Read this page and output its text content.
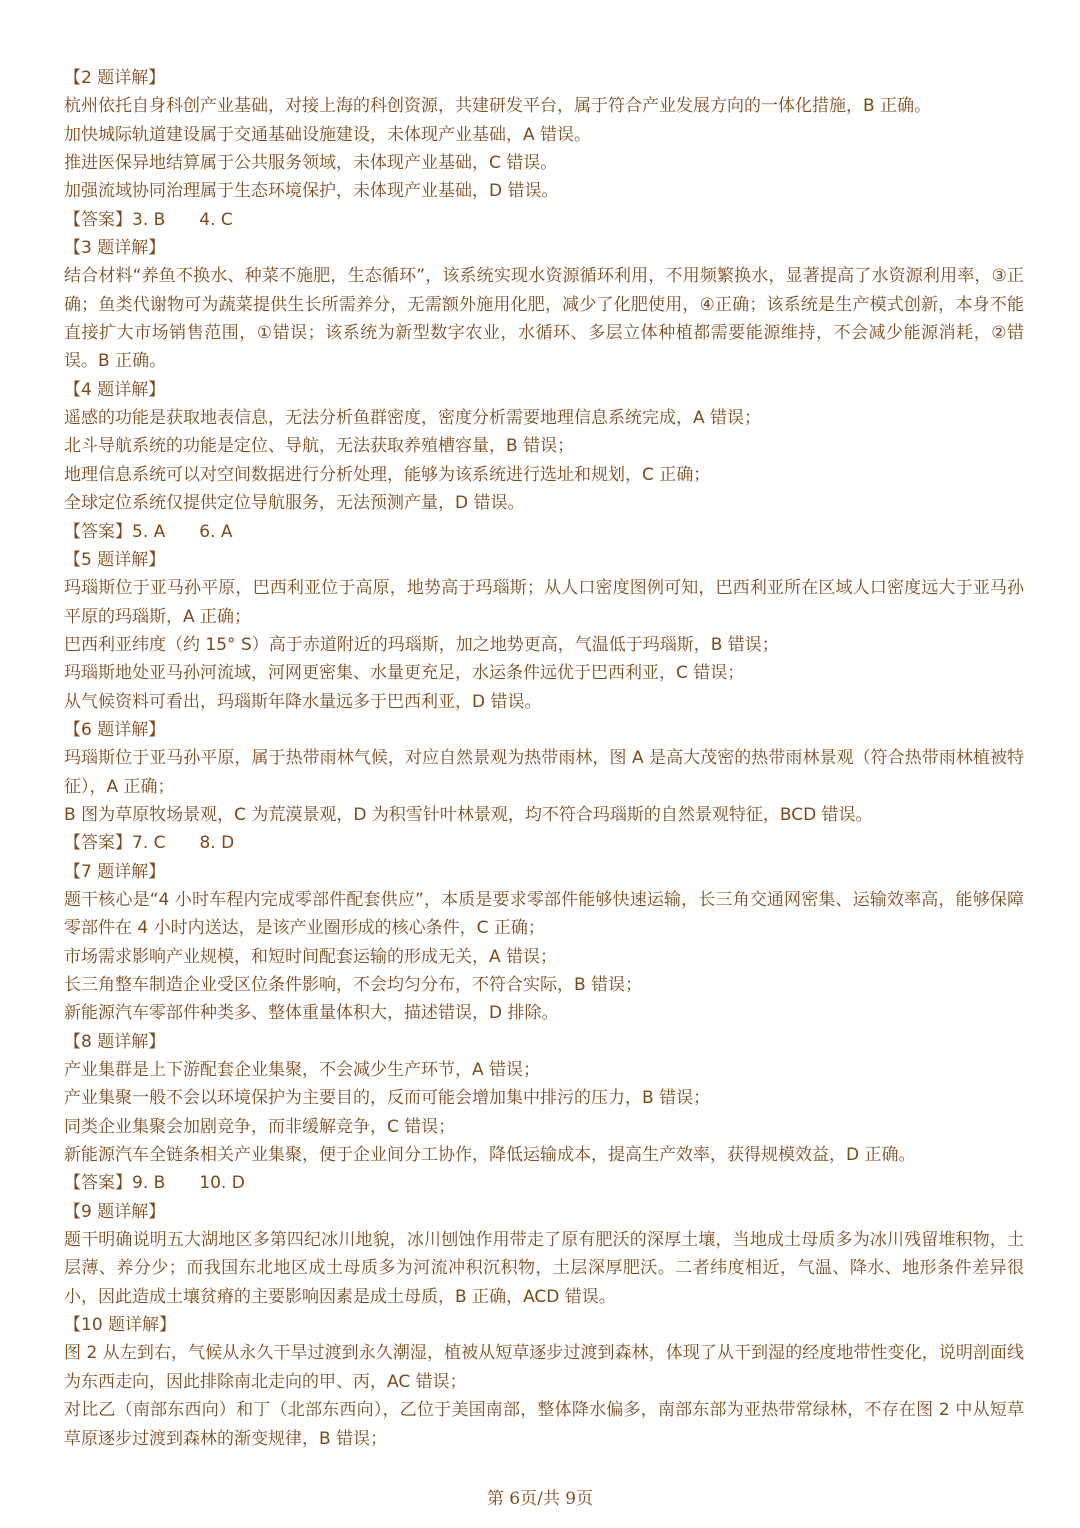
【2 题详解】

杭州依托自身科创产业基础，对接上海的科创资源，共建研发平台，属于符合产业发展方向的一体化措施，B 正确。

加快城际轨道建设属于交通基础设施建设，未体现产业基础，A 错误。

推进医保异地结算属于公共服务领域，未体现产业基础，C 错误。

加强流域协同治理属于生态环境保护，未体现产业基础，D 错误。

【答案】3. B　　4. C

【3 题详解】

结合材料“养鱼不换水、种菜不施肥，生态循环”，该系统实现水资源循环利用，不用频繁换水，显著提高了水资源利用率，③正确；鱼类代谢物可为蔬菜提供生长所需养分，无需额外施用化肥，减少了化肥使用，④正确；该系统是生产模式创新，本身不能直接扩大市场销售范围，①错误；该系统为新型数字农业，水循环、多层立体种植都需要能源维持，不会减少能源消耗，②错误。B 正确。

【4 题详解】

遥感的功能是获取地表信息，无法分析鱼群密度，密度分析需要地理信息系统完成，A 错误；

北斗导航系统的功能是定位、导航，无法获取养殖槽容量，B 错误；

地理信息系统可以对空间数据进行分析处理，能够为该系统进行选址和规划，C 正确；

全球定位系统仅提供定位导航服务，无法预测产量，D 错误。

【答案】5. A　　6. A

【5 题详解】

玛瑙斯位于亚马孙平原，巴西利亚位于高原，地势高于玛瑙斯；从人口密度图例可知，巴西利亚所在区域人口密度远大于亚马孙平原的玛瑙斯，A 正确；

巴西利亚纬度（约 15° S）高于赤道附近的玛瑙斯，加之地势更高，气温低于玛瑙斯，B 错误；

玛瑙斯地处亚马孙河流域，河网更密集、水量更充足，水运条件远优于巴西利亚，C 错误；

从气候资料可看出，玛瑙斯年降水量远多于巴西利亚，D 错误。

【6 题详解】

玛瑙斯位于亚马孙平原，属于热带雨林气候，对应自然景观为热带雨林，图 A 是高大茂密的热带雨林景观（符合热带雨林植被特征），A 正确；

B 图为草原牧场景观，C 为荒漠景观，D 为积雪针叶林景观，均不符合玛瑙斯的自然景观特征，BCD 错误。

【答案】7. C　　8. D

【7 题详解】

题干核心是“4 小时车程内完成零部件配套供应”，本质是要求零部件能够快速运输，长三角交通网密集、运输效率高，能够保障零部件在 4 小时内送达，是该产业圈形成的核心条件，C 正确；

市场需求影响产业规模，和短时间配套运输的形成无关，A 错误；

长三角整车制造企业受区位条件影响，不会均匀分布，不符合实际，B 错误；

新能源汽车零部件种类多、整体重量体积大，描述错误，D 排除。

【8 题详解】

产业集群是上下游配套企业集聚，不会减少生产环节，A 错误；

产业集聚一般不会以环境保护为主要目的，反而可能会增加集中排污的压力，B 错误；

同类企业集聚会加剧竞争，而非缓解竞争，C 错误；

新能源汽车全链条相关产业集聚，便于企业间分工协作，降低运输成本，提高生产效率，获得规模效益，D 正确。

【答案】9. B　　10. D

【9 题详解】

题干明确说明五大湖地区多第四纪冰川地貌，冰川刨蚀作用带走了原有肥沃的深厚土壤，当地成土母质多为冰川残留堆积物，土层薄、养分少；而我国东北地区成土母质多为河流冲积沉积物，土层深厚肥沃。二者纬度相近，气温、降水、地形条件差异很小，因此造成土壤贫瘠的主要影响因素是成土母质，B 正确，ACD 错误。

【10 题详解】

图 2 从左到右，气候从永久干旱过渡到永久潮湿，植被从短草逐步过渡到森林，体现了从干到湿的经度地带性变化，说明剖面线为东西走向，因此排除南北走向的甲、丙，AC 错误；

对比乙（南部东西向）和丁（北部东西向），乙位于美国南部，整体降水偏多，南部东部为亚热带常绿林，不存在图 2 中从短草草原逐步过渡到森林的渐变规律，B 错误；

第 6页/共 9页
